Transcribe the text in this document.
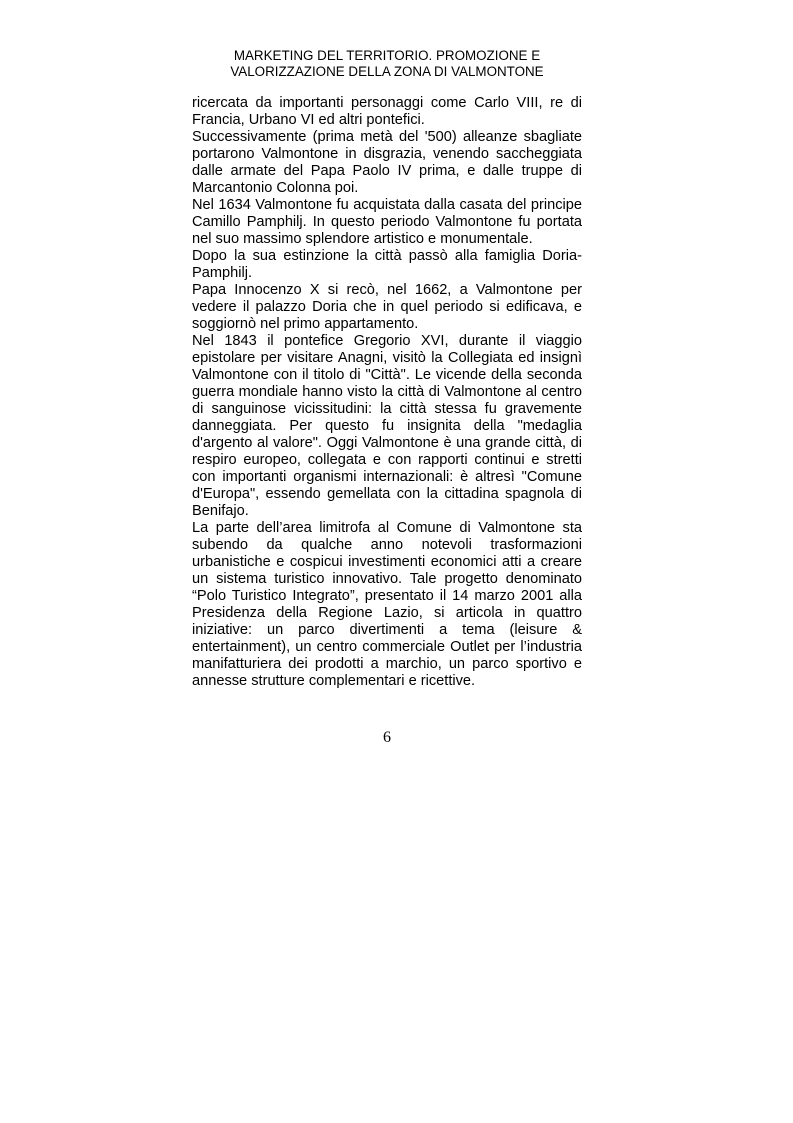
MARKETING DEL TERRITORIO. PROMOZIONE E
VALORIZZAZIONE DELLA ZONA DI VALMONTONE

ricercata da importanti personaggi come Carlo VIII, re di Francia, Urbano VI ed altri pontefici.

Successivamente (prima metà del '500) alleanze sbagliate portarono Valmontone in disgrazia, venendo saccheggiata dalle armate del Papa Paolo IV prima, e dalle truppe di Marcantonio Colonna poi.

Nel 1634 Valmontone fu acquistata dalla casata del principe Camillo Pamphilj. In questo periodo Valmontone fu portata nel suo massimo splendore artistico e monumentale.

Dopo la sua estinzione la città passò alla famiglia Doria-Pamphilj.

Papa Innocenzo X si recò, nel 1662, a Valmontone per vedere il palazzo Doria che in quel periodo si edificava, e soggiornò nel primo appartamento.

Nel 1843 il pontefice Gregorio XVI, durante il viaggio epistolare per visitare Anagni, visitò la Collegiata ed insignì Valmontone con il titolo di "Città". Le vicende della seconda guerra mondiale hanno visto la città di Valmontone al centro di sanguinose vicissitudini: la città stessa fu gravemente danneggiata. Per questo fu insignita della "medaglia d'argento al valore". Oggi Valmontone è una grande città, di respiro europeo, collegata e con rapporti continui e stretti con importanti organismi internazionali: è altresì "Comune d'Europa", essendo gemellata con la cittadina spagnola di Benifajo.

La parte dell’area limitrofa al Comune di Valmontone sta subendo da qualche anno notevoli trasformazioni urbanistiche e cospicui investimenti economici atti a creare un sistema turistico innovativo. Tale progetto denominato “Polo Turistico Integrato”, presentato il 14 marzo 2001 alla Presidenza della Regione Lazio, si articola in quattro iniziative: un parco divertimenti a tema (leisure & entertainment), un centro commerciale Outlet per l’industria manifatturiera dei prodotti a marchio, un parco sportivo e annesse strutture complementari e ricettive.

6
